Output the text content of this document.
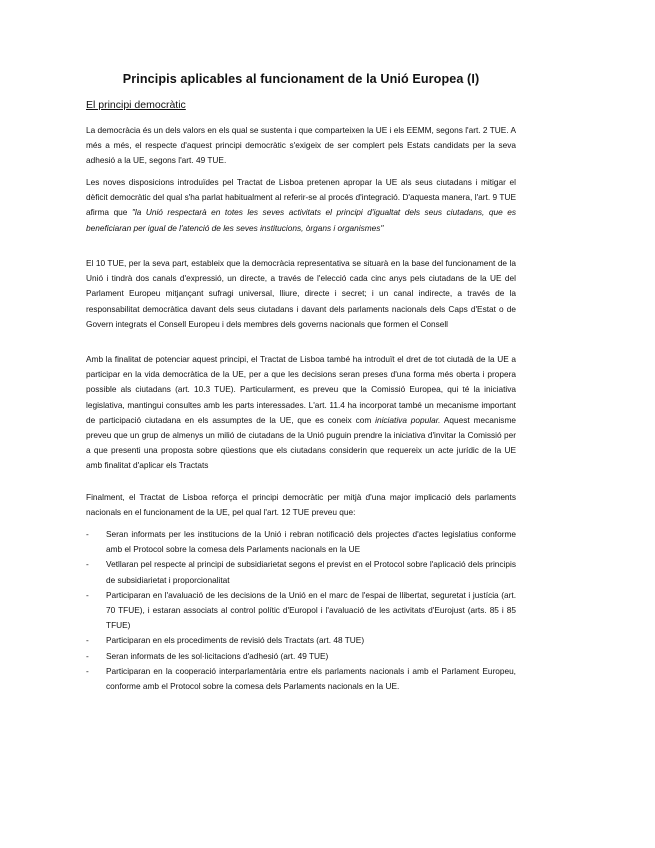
Principis aplicables al funcionament de la Unió Europea (I)
El principi democràtic

La democràcia és un dels valors en els qual se sustenta i que comparteixen la UE i els EEMM, segons l'art. 2 TUE. A més a més, el respecte d'aquest principi democràtic s'exigeix de ser complert pels Estats candidats per la seva adhesió a la UE, segons l'art. 49 TUE.

Les noves disposicions introduïdes pel Tractat de Lisboa pretenen apropar la UE als seus ciutadans i mitigar el dèficit democràtic del qual s'ha parlat habitualment al referir-se al procés d'integració. D'aquesta manera, l'art. 9 TUE afirma que "la Unió respectarà en totes les seves activitats el principi d'igualtat dels seus ciutadans, que es beneficiaran per igual de l'atenció de les seves institucions, òrgans i organismes"

El 10 TUE, per la seva part, estableix que la democràcia representativa se situarà en la base del funcionament de la Unió i tindrà dos canals d'expressió, un directe, a través de l'elecció cada cinc anys pels ciutadans de la UE del Parlament Europeu mitjançant sufragi universal, lliure, directe i secret; i un canal indirecte, a través de la responsabilitat democràtica davant dels seus ciutadans i davant dels parlaments nacionals dels Caps d'Estat o de Govern integrats el Consell Europeu i dels membres dels governs nacionals que formen el Consell

Amb la finalitat de potenciar aquest principi, el Tractat de Lisboa també ha introduït el dret de tot ciutadà de la UE a participar en la vida democràtica de la UE, per a que les decisions seran preses d'una forma més oberta i propera possible als ciutadans (art. 10.3 TUE). Particularment, es preveu que la Comissió Europea, qui té la iniciativa legislativa, mantingui consultes amb les parts interessades. L'art. 11.4 ha incorporat també un mecanisme important de participació ciutadana en els assumptes de la UE, que es coneix com iniciativa popular. Aquest mecanisme preveu que un grup de almenys un milió de ciutadans de la Unió puguin prendre la iniciativa d'invitar la Comissió per a que presenti una proposta sobre qüestions que els ciutadans considerin que requereix un acte jurídic de la UE amb finalitat d'aplicar els Tractats

Finalment, el Tractat de Lisboa reforça el principi democràtic per mitjà d'una major implicació dels parlaments nacionals en el funcionament de la UE, pel qual l'art. 12 TUE preveu que:

- Seran informats per les institucions de la Unió i rebran notificació dels projectes d'actes legislatius conforme amb el Protocol sobre la comesa dels Parlaments nacionals en la UE
- Vetllaran pel respecte al principi de subsidiarietat segons el previst en el Protocol sobre l'aplicació dels principis de subsidiarietat i proporcionalitat
- Participaran en l'avaluació de les decisions de la Unió en el marc de l'espai de llibertat, seguretat i justícia (art. 70 TFUE), i estaran associats al control polític d'Europol i l'avaluació de les activitats d'Eurojust (arts. 85 i 85 TFUE)
- Participaran en els procediments de revisió dels Tractats (art. 48 TUE)
- Seran informats de les sol·licitacions d'adhesió (art. 49 TUE)
- Participaran en la cooperació interparlamentària entre els parlaments nacionals i amb el Parlament Europeu, conforme amb el Protocol sobre la comesa dels Parlaments nacionals en la UE.
